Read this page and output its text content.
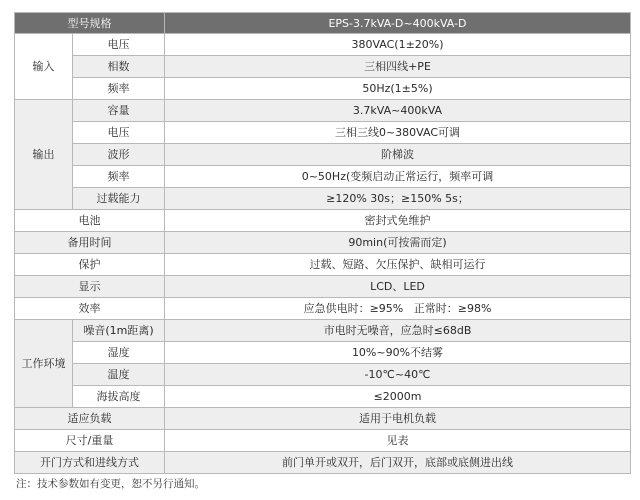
型号规格		EPS-3.7kVA-D~400kVA-D
输入	电压	380VAC(1±20%)
	相数	三相四线+PE
	频率	50Hz(1±5%)
输出	容量	3.7kVA~400kVA
	电压	三相三线0~380VAC可调
	波形	阶梯波
	频率	0~50Hz(变频启动正常运行，频率可调
	过载能力	≥120% 30s；≥150% 5s；
电池		密封式免维护
备用时间		90min(可按需而定)
保护		过载、短路、欠压保护、缺相可运行
显示		LCD、LED
效率		应急供电时：≥95%   正常时：≥98%
工作环境	噪音(1m距离)	市电时无噪音，应急时≤68dB
	湿度	10%~90%不结雾
	温度	-10℃~40℃
	海拔高度	≤2000m
适应负载		适用于电机负载
尺寸/重量		见表
开门方式和进线方式		前门单开或双开，后门双开，底部或底侧进出线
注：技术参数如有变更，恕不另行通知。
